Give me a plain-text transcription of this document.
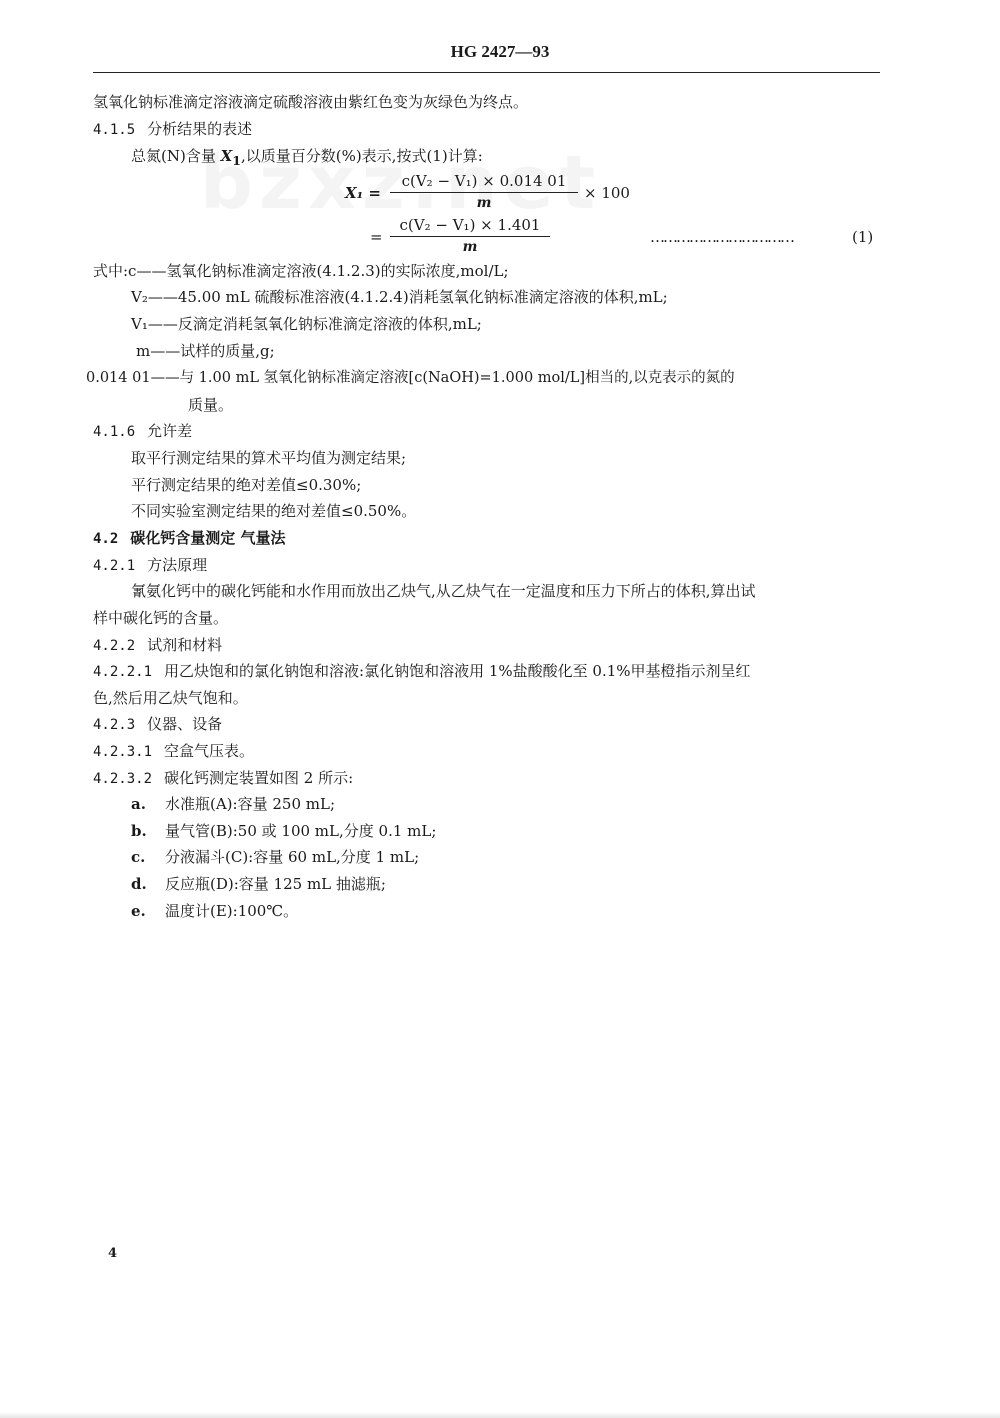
HG 2427—93
氢氧化钠标准滴定溶液滴定硫酸溶液由紫红色变为灰绿色为终点。
4.1.5 分析结果的表述
总氮(N)含量 $X_1$,以质量百分数(%)表示,按式(1)计算:
X₁ =
c(V₂ − V₁) × 0.014 01
m
× 100
=
c(V₂ − V₁) × 1.401
m
……………………………	(1)
式中:c——氢氧化钠标准滴定溶液(4.1.2.3)的实际浓度,mol/L;
V₂——45.00 mL 硫酸标准溶液(4.1.2.4)消耗氢氧化钠标准滴定溶液的体积,mL;
V₁——反滴定消耗氢氧化钠标准滴定溶液的体积,mL;
m——试样的质量,g;
0.014 01——与 1.00 mL 氢氧化钠标准滴定溶液[c(NaOH)=1.000 mol/L]相当的,以克表示的氮的
质量。
4.1.6 允许差
取平行测定结果的算术平均值为测定结果;
平行测定结果的绝对差值≤0.30%;
不同实验室测定结果的绝对差值≤0.50%。
4.2 碳化钙含量测定 气量法
4.2.1 方法原理
氰氨化钙中的碳化钙能和水作用而放出乙炔气,从乙炔气在一定温度和压力下所占的体积,算出试
样中碳化钙的含量。
4.2.2 试剂和材料
4.2.2.1 用乙炔饱和的氯化钠饱和溶液:氯化钠饱和溶液用 1%盐酸酸化至 0.1%甲基橙指示剂呈红
色,然后用乙炔气饱和。
4.2.3 仪器、设备
4.2.3.1 空盒气压表。
4.2.3.2 碳化钙测定装置如图 2 所示:
a. 水准瓶(A):容量 250 mL;
b. 量气管(B):50 或 100 mL,分度 0.1 mL;
c. 分液漏斗(C):容量 60 mL,分度 1 mL;
d. 反应瓶(D):容量 125 mL 抽滤瓶;
e. 温度计(E):100℃。
4
